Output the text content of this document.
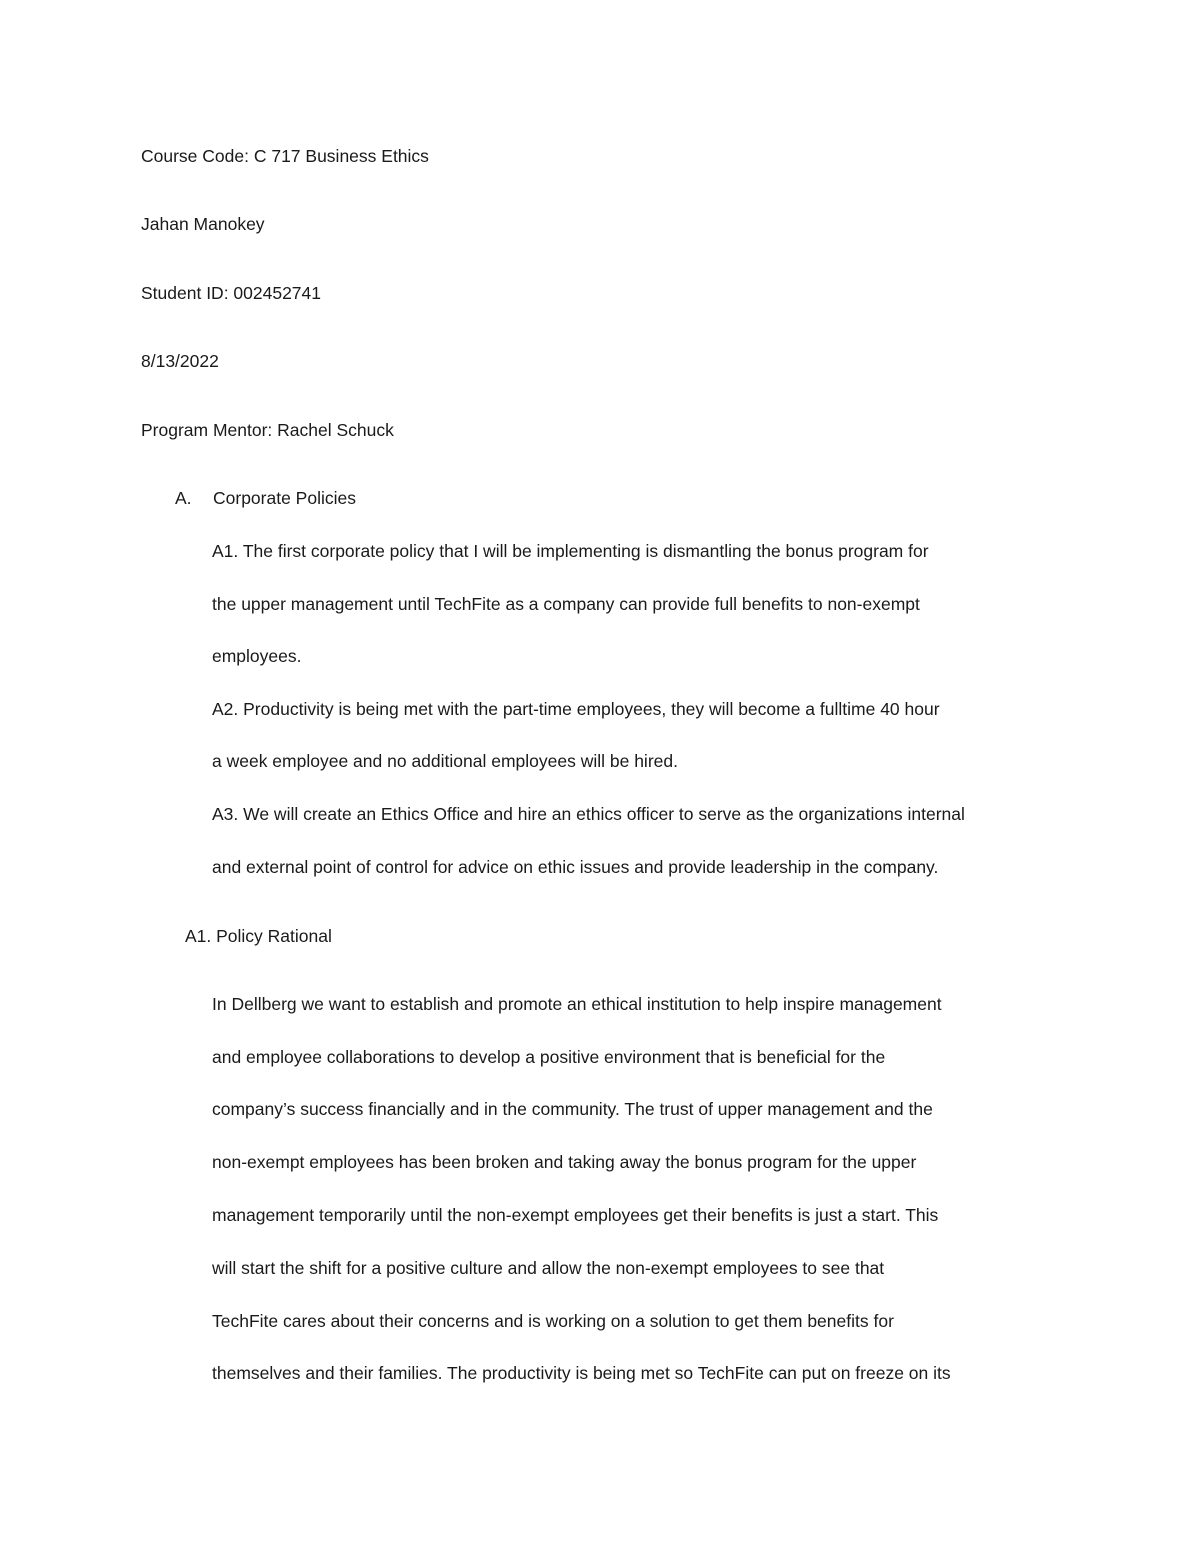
Course Code: C 717 Business Ethics
Jahan Manokey
Student ID: 002452741
8/13/2022
Program Mentor: Rachel Schuck
A. Corporate Policies
A1. The first corporate policy that I will be implementing is dismantling the bonus program for
the upper management until TechFite as a company can provide full benefits to non-exempt
employees.
A2. Productivity is being met with the part-time employees, they will become a fulltime 40 hour
a week employee and no additional employees will be hired.
A3. We will create an Ethics Office and hire an ethics officer to serve as the organizations internal
and external point of control for advice on ethic issues and provide leadership in the company.
A1. Policy Rational
In Dellberg we want to establish and promote an ethical institution to help inspire management
and employee collaborations to develop a positive environment that is beneficial for the
company’s success financially and in the community. The trust of upper management and the
non-exempt employees has been broken and taking away the bonus program for the upper
management temporarily until the non-exempt employees get their benefits is just a start. This
will start the shift for a positive culture and allow the non-exempt employees to see that
TechFite cares about their concerns and is working on a solution to get them benefits for
themselves and their families. The productivity is being met so TechFite can put on freeze on its
